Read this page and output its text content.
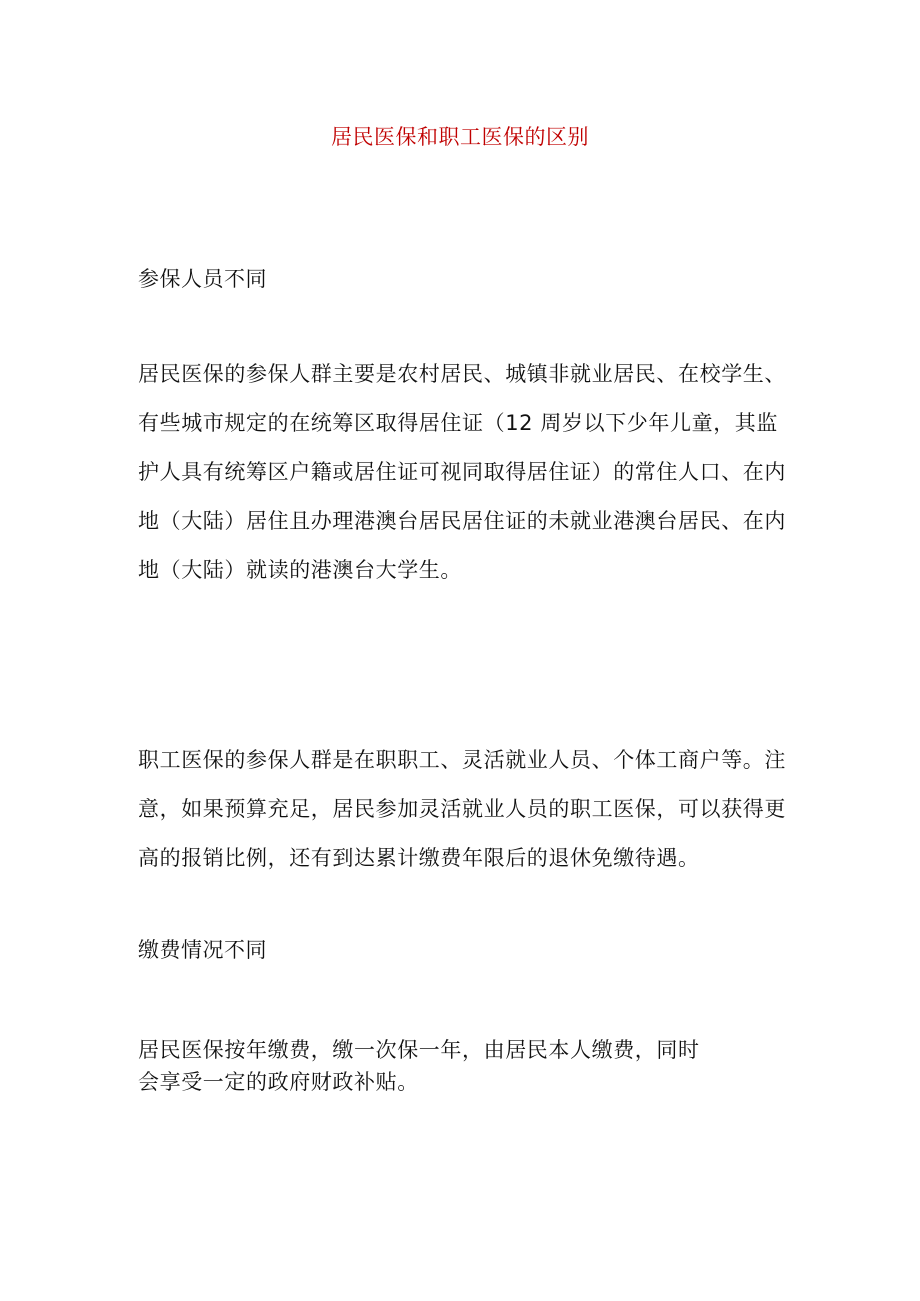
居民医保和职工医保的区别
参保人员不同
居民医保的参保人群主要是农村居民、城镇非就业居民、在校学生、
有些城市规定的在统筹区取得居住证（12 周岁以下少年儿童，其监
护人具有统筹区户籍或居住证可视同取得居住证）的常住人口、在内
地（大陆）居住且办理港澳台居民居住证的未就业港澳台居民、在内
地（大陆）就读的港澳台大学生。
职工医保的参保人群是在职职工、灵活就业人员、个体工商户等。注
意，如果预算充足，居民参加灵活就业人员的职工医保，可以获得更
高的报销比例，还有到达累计缴费年限后的退休免缴待遇。
缴费情况不同
居民医保按年缴费，缴一次保一年，由居民本人缴费，同时
会享受一定的政府财政补贴。
